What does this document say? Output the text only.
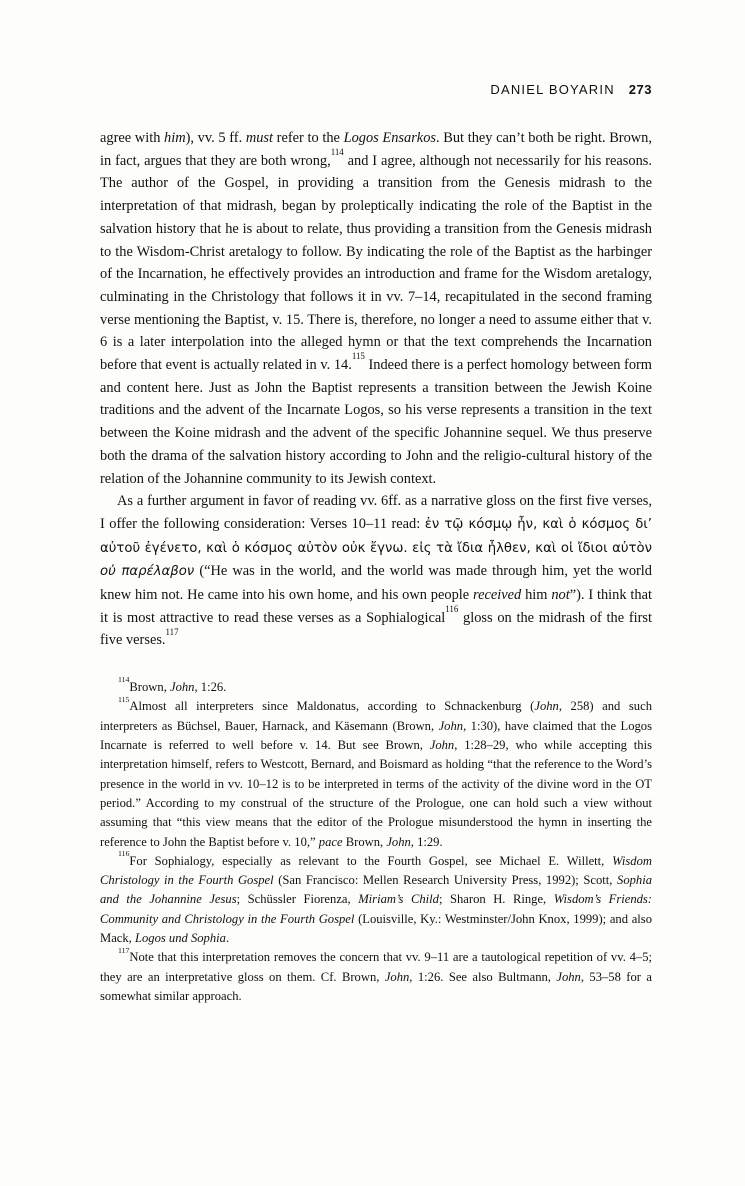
DANIEL BOYARIN 273

agree with him), vv. 5 ff. must refer to the Logos Ensarkos. But they can’t both be right. Brown, in fact, argues that they are both wrong,$^{114}$ and I agree, although not necessarily for his reasons. The author of the Gospel, in providing a transition from the Genesis midrash to the interpretation of that midrash, began by proleptically indicating the role of the Baptist in the salvation history that he is about to relate, thus providing a transition from the Genesis midrash to the Wisdom-Christ aretalogy to follow. By indicating the role of the Baptist as the harbinger of the Incarnation, he effectively provides an introduction and frame for the Wisdom aretalogy, culminating in the Christology that follows it in vv. 7–14, recapitulated in the second framing verse mentioning the Baptist, v. 15. There is, therefore, no longer a need to assume either that v. 6 is a later interpolation into the alleged hymn or that the text comprehends the Incarnation before that event is actually related in v. 14.$^{115}$ Indeed there is a perfect homology between form and content here. Just as John the Baptist represents a transition between the Jewish Koine traditions and the advent of the Incarnate Logos, so his verse represents a transition in the text between the Koine midrash and the advent of the specific Johannine sequel. We thus preserve both the drama of the salvation history according to John and the religio-cultural history of the relation of the Johannine community to its Jewish context.

As a further argument in favor of reading vv. 6ff. as a narrative gloss on the first five verses, I offer the following consideration: Verses 10–11 read: ἐν τῷ κόσμῳ ἦν, καὶ ὁ κόσμος δι’ αὐτοῦ ἐγένετο, καὶ ὁ κόσμος αὐτὸν οὐκ ἔγνω. εἰς τὰ ἴδια ἦλθεν, καὶ οἱ ἴδιοι αὐτὸν οὐ παρέλαβον (“He was in the world, and the world was made through him, yet the world knew him not. He came into his own home, and his own people received him not”). I think that it is most attractive to read these verses as a Sophialogical$^{116}$ gloss on the midrash of the first five verses.$^{117}$

$^{114}$Brown, John, 1:26.

$^{115}$Almost all interpreters since Maldonatus, according to Schnackenburg (John, 258) and such interpreters as Büchsel, Bauer, Harnack, and Käsemann (Brown, John, 1:30), have claimed that the Logos Incarnate is referred to well before v. 14. But see Brown, John, 1:28–29, who while accepting this interpretation himself, refers to Westcott, Bernard, and Boismard as holding “that the reference to the Word’s presence in the world in vv. 10–12 is to be interpreted in terms of the activity of the divine word in the OT period.” According to my construal of the structure of the Prologue, one can hold such a view without assuming that “this view means that the editor of the Prologue misunderstood the hymn in inserting the reference to John the Baptist before v. 10,” pace Brown, John, 1:29.

$^{116}$For Sophialogy, especially as relevant to the Fourth Gospel, see Michael E. Willett, Wisdom Christology in the Fourth Gospel (San Francisco: Mellen Research University Press, 1992); Scott, Sophia and the Johannine Jesus; Schüssler Fiorenza, Miriam’s Child; Sharon H. Ringe, Wisdom’s Friends: Community and Christology in the Fourth Gospel (Louisville, Ky.: Westminster/John Knox, 1999); and also Mack, Logos und Sophia.

$^{117}$Note that this interpretation removes the concern that vv. 9–11 are a tautological repetition of vv. 4–5; they are an interpretative gloss on them. Cf. Brown, John, 1:26. See also Bultmann, John, 53–58 for a somewhat similar approach.
